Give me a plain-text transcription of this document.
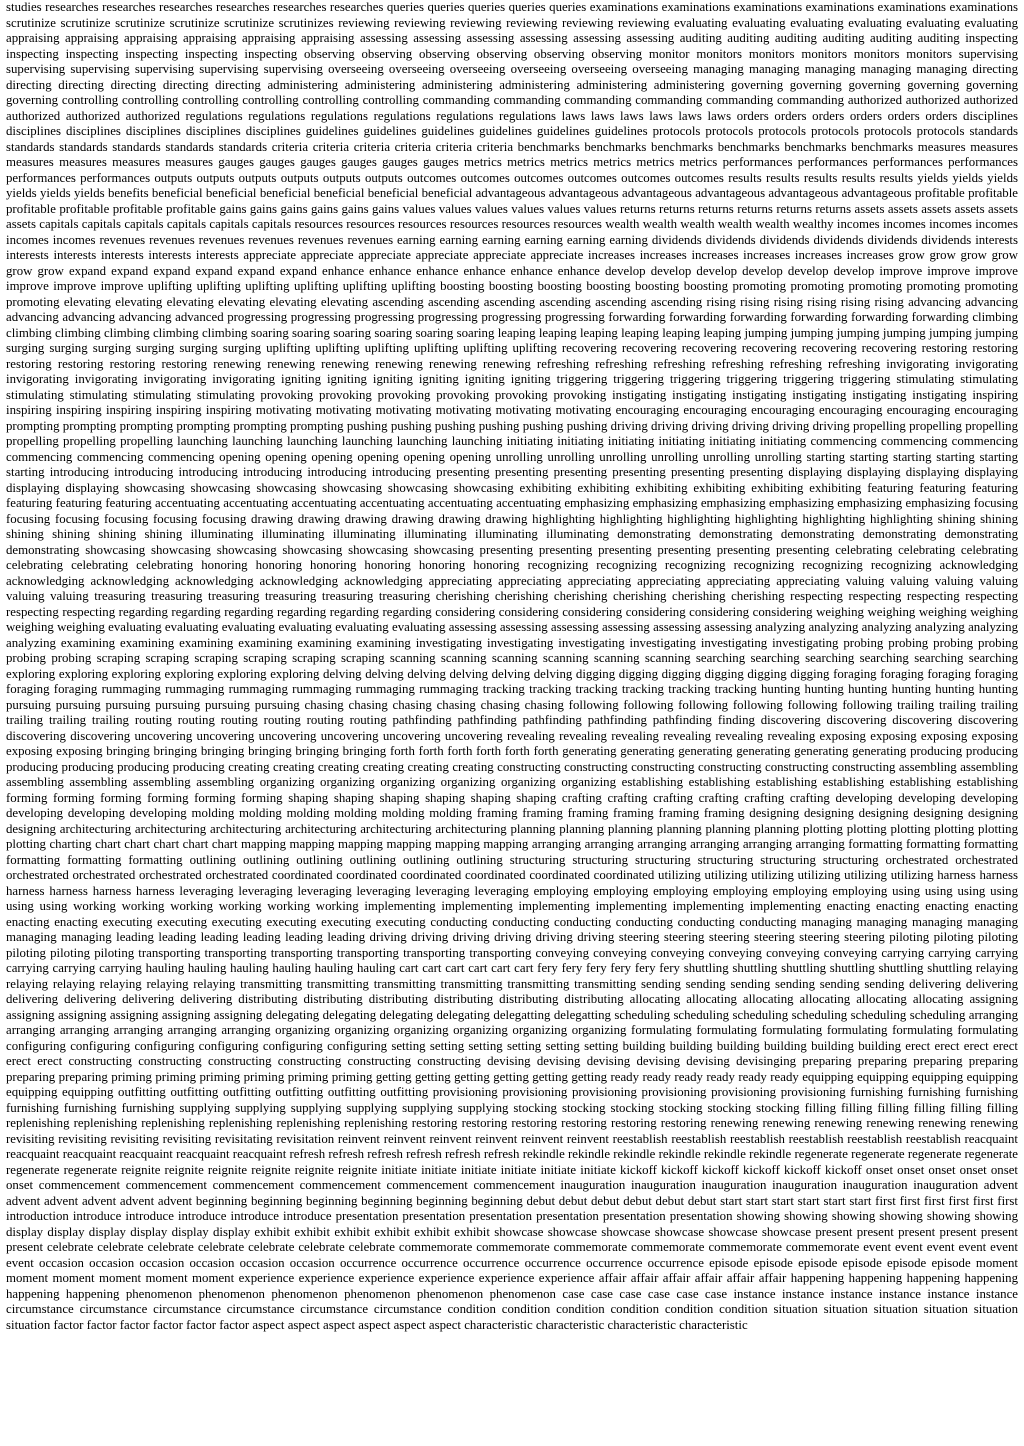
studies researches researches researches researches researches researches queries queries queries queries queries examinations examinations examinations examinations examinations examinations scrutinize scrutinize scrutinize scrutinize scrutinize scrutinizes reviewing reviewing reviewing reviewing reviewing reviewing evaluating evaluating evaluating evaluating evaluating evaluating appraising appraising appraising appraising appraising appraising assessing assessing assessing assessing assessing assessing auditing auditing auditing auditing auditing auditing inspecting inspecting inspecting inspecting inspecting inspecting observing observing observing observing observing observing monitor monitors monitors monitors monitors monitors supervising supervising supervising supervising supervising supervising overseeing overseeing overseeing overseeing overseeing overseeing managing managing managing managing managing directing directing directing directing directing directing administering administering administering administering administering administering governing governing governing governing governing governing controlling controlling controlling controlling controlling controlling commanding commanding commanding commanding commanding commanding authorized authorized authorized authorized authorized authorized regulations regulations regulations regulations regulations regulations laws laws laws laws laws laws orders orders orders orders orders orders disciplines disciplines disciplines disciplines disciplines disciplines guidelines guidelines guidelines guidelines guidelines guidelines protocols protocols protocols protocols protocols protocols standards standards standards standards standards standards criteria criteria criteria criteria criteria criteria benchmarks benchmarks benchmarks benchmarks benchmarks benchmarks measures measures measures measures measures measures gauges gauges gauges gauges gauges gauges metrics metrics metrics metrics metrics metrics performances performances performances performances performances performances outputs outputs outputs outputs outputs outputs outcomes outcomes outcomes outcomes outcomes outcomes results results results results results yields yields yields yields yields yields benefits beneficial beneficial beneficial beneficial beneficial beneficial advantageous advantageous advantageous advantageous advantageous advantageous profitable profitable profitable profitable profitable profitable gains gains gains gains gains gains values values values values values values returns returns returns returns returns returns assets assets assets assets assets assets capitals capitals capitals capitals capitals capitals resources resources resources resources resources resources wealth wealth wealth wealth wealth wealthy incomes incomes incomes incomes incomes incomes revenues revenues revenues revenues revenues revenues earning earning earning earning earning earning dividends dividends dividends dividends dividends dividends interests interests interests interests interests interests appreciate appreciate appreciate appreciate appreciate appreciate increases increases increases increases increases increases grow grow grow grow grow grow expand expand expand expand expand expand enhance enhance enhance enhance enhance enhance develop develop develop develop develop develop improve improve improve improve improve improve uplifting uplifting uplifting uplifting uplifting uplifting boosting boosting boosting boosting boosting boosting promoting promoting promoting promoting promoting promoting elevating elevating elevating elevating elevating elevating ascending ascending ascending ascending ascending ascending rising rising rising rising rising rising advancing advancing advancing advancing advancing advanced progressing progressing progressing progressing progressing progressing forwarding forwarding forwarding forwarding forwarding forwarding climbing climbing climbing climbing climbing climbing soaring soaring soaring soaring soaring soaring leaping leaping leaping leaping leaping leaping jumping jumping jumping jumping jumping jumping surging surging surging surging surging surging uplifting uplifting uplifting uplifting uplifting uplifting recovering recovering recovering recovering recovering recovering restoring restoring restoring restoring restoring restoring renewing renewing renewing renewing renewing renewing refreshing refreshing refreshing refreshing refreshing refreshing invigorating invigorating invigorating invigorating invigorating invigorating igniting igniting igniting igniting igniting igniting triggering triggering triggering triggering triggering triggering stimulating stimulating stimulating stimulating stimulating stimulating provoking provoking provoking provoking provoking provoking instigating instigating instigating instigating instigating instigating inspiring inspiring inspiring inspiring inspiring inspiring motivating motivating motivating motivating motivating motivating encouraging encouraging encouraging encouraging encouraging encouraging prompting prompting prompting prompting prompting prompting pushing pushing pushing pushing pushing pushing driving driving driving driving driving driving propelling propelling propelling propelling propelling propelling launching launching launching launching launching launching initiating initiating initiating initiating initiating initiating commencing commencing commencing commencing commencing commencing opening opening opening opening opening opening unrolling unrolling unrolling unrolling unrolling unrolling starting starting starting starting starting starting introducing introducing introducing introducing introducing introducing presenting presenting presenting presenting presenting presenting displaying displaying displaying displaying displaying displaying showcasing showcasing showcasing showcasing showcasing showcasing exhibiting exhibiting exhibiting exhibiting exhibiting exhibiting featuring featuring featuring featuring featuring featuring accentuating accentuating accentuating accentuating accentuating accentuating emphasizing emphasizing emphasizing emphasizing emphasizing emphasizing focusing focusing focusing focusing focusing focusing drawing drawing drawing drawing drawing drawing highlighting highlighting highlighting highlighting highlighting highlighting shining shining shining shining shining shining illuminating illuminating illuminating illuminating illuminating illuminating demonstrating demonstrating demonstrating demonstrating demonstrating demonstrating showcasing showcasing showcasing showcasing showcasing showcasing presenting presenting presenting presenting presenting presenting celebrating celebrating celebrating celebrating celebrating celebrating honoring honoring honoring honoring honoring honoring recognizing recognizing recognizing recognizing recognizing recognizing acknowledging acknowledging acknowledging acknowledging acknowledging acknowledging appreciating appreciating appreciating appreciating appreciating appreciating valuing valuing valuing valuing valuing valuing treasuring treasuring treasuring treasuring treasuring treasuring cherishing cherishing cherishing cherishing cherishing cherishing respecting respecting respecting respecting respecting respecting regarding regarding regarding regarding regarding regarding considering considering considering considering considering considering weighing weighing weighing weighing weighing weighing evaluating evaluating evaluating evaluating evaluating evaluating assessing assessing assessing assessing assessing assessing analyzing analyzing analyzing analyzing analyzing analyzing examining examining examining examining examining examining investigating investigating investigating investigating investigating investigating probing probing probing probing probing probing scraping scraping scraping scraping scraping scraping scanning scanning scanning scanning scanning scanning searching searching searching searching searching searching exploring exploring exploring exploring exploring exploring delving delving delving delving delving delving digging digging digging digging digging digging foraging foraging foraging foraging foraging foraging rummaging rummaging rummaging rummaging rummaging rummaging tracking tracking tracking tracking tracking tracking hunting hunting hunting hunting hunting hunting pursuing pursuing pursuing pursuing pursuing pursuing chasing chasing chasing chasing chasing chasing following following following following following following trailing trailing trailing trailing trailing trailing routing routing routing routing routing routing pathfinding pathfinding pathfinding pathfinding pathfinding finding discovering discovering discovering discovering discovering discovering uncovering uncovering uncovering uncovering uncovering uncovering revealing revealing revealing revealing revealing revealing exposing exposing exposing exposing exposing exposing bringing bringing bringing bringing bringing bringing forth forth forth forth forth forth generating generating generating generating generating generating producing producing producing producing producing producing creating creating creating creating creating creating constructing constructing constructing constructing constructing constructing assembling assembling assembling assembling assembling assembling organizing organizing organizing organizing organizing organizing establishing establishing establishing establishing establishing establishing forming forming forming forming forming forming shaping shaping shaping shaping shaping shaping crafting crafting crafting crafting crafting crafting developing developing developing developing developing developing molding molding molding molding molding molding framing framing framing framing framing framing designing designing designing designing designing designing architecturing architecturing architecturing architecturing architecturing architecturing planning planning planning planning planning planning plotting plotting plotting plotting plotting plotting charting chart chart chart chart chart mapping mapping mapping mapping mapping mapping arranging arranging arranging arranging arranging arranging formatting formatting formatting formatting formatting formatting outlining outlining outlining outlining outlining outlining structuring structuring structuring structuring structuring structuring orchestrated orchestrated orchestrated orchestrated orchestrated orchestrated coordinated coordinated coordinated coordinated coordinated coordinated utilizing utilizing utilizing utilizing utilizing utilizing harness harness harness harness harness harness leveraging leveraging leveraging leveraging leveraging leveraging employing employing employing employing employing employing using using using using using using working working working working working working implementing implementing implementing implementing implementing implementing enacting enacting enacting enacting enacting enacting executing executing executing executing executing executing conducting conducting conducting conducting conducting conducting managing managing managing managing managing managing leading leading leading leading leading leading driving driving driving driving driving driving steering steering steering steering steering steering piloting piloting piloting piloting piloting piloting transporting transporting transporting transporting transporting transporting conveying conveying conveying conveying conveying conveying carrying carrying carrying carrying carrying carrying hauling hauling hauling hauling hauling hauling cart cart cart cart cart cart fery fery fery fery fery fery shuttling shuttling shuttling shuttling shuttling shuttling relaying relaying relaying relaying relaying relaying transmitting transmitting transmitting transmitting transmitting transmitting sending sending sending sending sending sending delivering delivering delivering delivering delivering delivering distributing distributing distributing distributing distributing distributing allocating allocating allocating allocating allocating allocating assigning assigning assigning assigning assigning assigning delegating delegating delegating delegating delegatting delegatting scheduling scheduling scheduling scheduling scheduling scheduling arranging arranging arranging arranging arranging arranging organizing organizing organizing organizing organizing organizing formulating formulating formulating formulating formulating formulating configuring configuring configuring configuring configuring configuring setting setting setting setting setting setting building building building building building building erect erect erect erect erect erect constructing constructing constructing constructing constructing constructing devising devising devising devising devising devisinging preparing preparing preparing preparing preparing preparing priming priming priming priming priming priming getting getting getting getting getting getting ready ready ready ready ready ready equipping equipping equipping equipping equipping equipping outfitting outfitting outfitting outfitting outfitting outfitting provisioning provisioning provisioning provisioning provisioning provisioning furnishing furnishing furnishing furnishing furnishing furnishing supplying supplying supplying supplying supplying supplying stocking stocking stocking stocking stocking stocking filling filling filling filling filling filling replenishing replenishing replenishing replenishing replenishing replenishing restoring restoring restoring restoring restoring restoring renewing renewing renewing renewing renewing renewing revisiting revisiting revisiting revisiting revisitating revisitation reinvent reinvent reinvent reinvent reinvent reinvent reestablish reestablish reestablish reestablish reestablish reestablish reacquaint reacquaint reacquaint reacquaint reacquaint reacquaint refresh refresh refresh refresh refresh refresh rekindle rekindle rekindle rekindle rekindle rekindle regenerate regenerate regenerate regenerate regenerate regenerate reignite reignite reignite reignite reignite reignite initiate initiate initiate initiate initiate initiate kickoff kickoff kickoff kickoff kickoff kickoff onset onset onset onset onset onset commencement commencement commencement commencement commencement commencement inauguration inauguration inauguration inauguration inauguration inauguration advent advent advent advent advent advent beginning beginning beginning beginning beginning beginning debut debut debut debut debut debut start start start start start start first first first first first first introduction introduce introduce introduce introduce introduce presentation presentation presentation presentation presentation presentation showing showing showing showing showing showing display display display display display display exhibit exhibit exhibit exhibit exhibit exhibit showcase showcase showcase showcase showcase showcase present present present present present present celebrate celebrate celebrate celebrate celebrate celebrate celebrate commemorate commemorate commemorate commemorate commemorate commemorate event event event event event event occasion occasion occasion occasion occasion occasion occurrence occurrence occurrence occurrence occurrence occurrence episode episode episode episode episode episode moment moment moment moment moment moment experience experience experience experience experience experience affair affair affair affair affair affair happening happening happening happening happening happening phenomenon phenomenon phenomenon phenomenon phenomenon phenomenon case case case case case case instance instance instance instance instance instance circumstance circumstance circumstance circumstance circumstance circumstance condition condition condition condition condition condition situation situation situation situation situation situation factor factor factor factor factor factor aspect aspect aspect aspect aspect aspect characteristic characteristic characteristic characteristic
